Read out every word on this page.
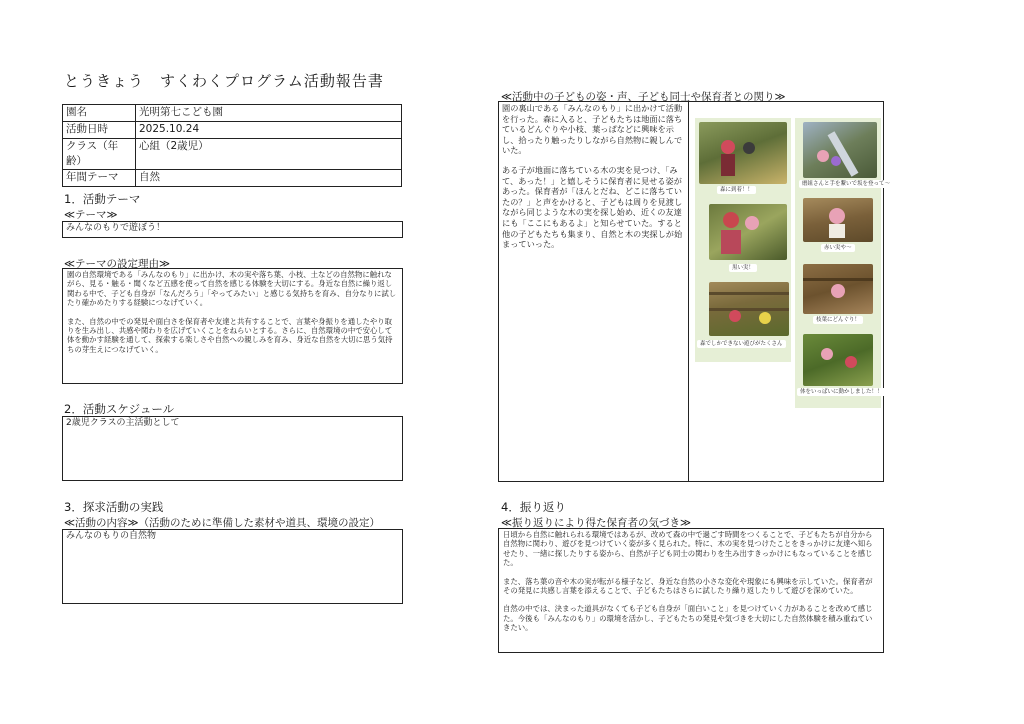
とうきょう　すくわくプログラム活動報告書
園名	光明第七こども園
活動日時	2025.10.24
クラス（年齢）	心組（2歳児）
年間テーマ	自然
1．活動テーマ
≪テーマ≫
みんなのもりで遊ぼう！
≪テーマの設定理由≫

園の自然環境である「みんなのもり」に出かけ、木の実や落ち葉、小枝、土などの自然物に触れながら、見る・触る・聞くなど五感を使って自然を感じる体験を大切にする。身近な自然に繰り返し関わる中で、子ども自身が「なんだろう」「やってみたい」と感じる気持ちを育み、自分なりに試したり確かめたりする経験につなげていく。

また、自然の中での発見や面白さを保育者や友達と共有することで、言葉や身振りを通したやり取りを生み出し、共感や関わりを広げていくことをねらいとする。さらに、自然環境の中で安心して体を動かす経験を通して、探索する楽しさや自然への親しみを育み、身近な自然を大切に思う気持ちの芽生えにつなげていく。

2．活動スケジュール
2歳児クラスの主活動として
3．探求活動の実践
≪活動の内容≫（活動のために準備した素材や道具、環境の設定）
みんなのもりの自然物
≪活動中の子どもの姿・声、子ども同士や保育者との関り≫

園の裏山である「みんなのもり」に出かけて活動を行った。森に入ると、子どもたちは地面に落ちているどんぐりや小枝、葉っぱなどに興味を示し、拾ったり触ったりしながら自然物に親しんでいた。

ある子が地面に落ちている木の実を見つけ、「みて、あった！」と嬉しそうに保育者に見せる姿があった。保育者が「ほんとだね、どこに落ちていたの？」と声をかけると、子どもは周りを見渡しながら同じような木の実を探し始め、近くの友達にも「ここにもあるよ」と知らせていた。すると他の子どもたちも集まり、自然と木の実探しが始まっていった。

森に到着！！
黒い実！
森でしかできない遊びがたくさん
磨組さんと手を繋いで坂を登って～
赤い実や～
枝葉にどんぐり！
体をいっぱいに動かしました！！
4．振り返り
≪振り返りにより得た保育者の気づき≫

日頃から自然に触れられる環境ではあるが、改めて森の中で過ごす時間をつくることで、子どもたちが自分から自然物に関わり、遊びを見つけていく姿が多く見られた。特に、木の実を見つけたことをきっかけに友達へ知らせたり、一緒に探したりする姿から、自然が子ども同士の関わりを生み出すきっかけにもなっていることを感じた。

また、落ち葉の音や木の実が転がる様子など、身近な自然の小さな変化や現象にも興味を示していた。保育者がその発見に共感し言葉を添えることで、子どもたちはさらに試したり繰り返したりして遊びを深めていた。

自然の中では、決まった道具がなくても子ども自身が「面白いこと」を見つけていく力があることを改めて感じた。今後も「みんなのもり」の環境を活かし、子どもたちの発見や気づきを大切にした自然体験を積み重ねていきたい。
